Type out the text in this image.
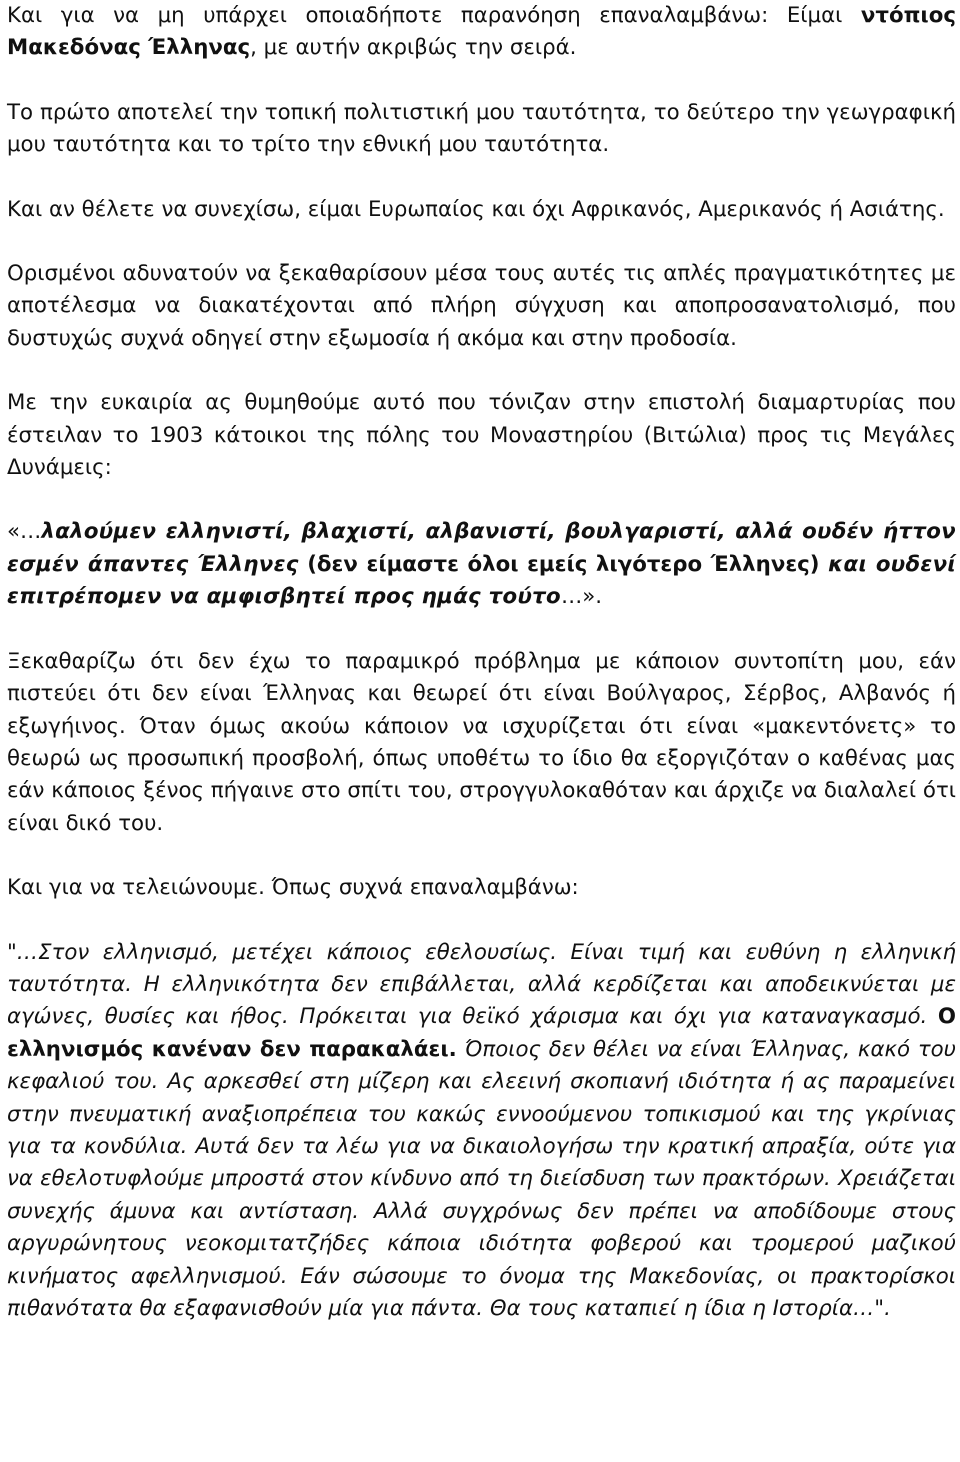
Και για να μη υπάρχει οποιαδήποτε παρανόηση επαναλαμβάνω: Είμαι ντόπιος Μακεδόνας Έλληνας, με αυτήν ακριβώς την σειρά.

Το πρώτο αποτελεί την τοπική πολιτιστική μου ταυτότητα, το δεύτερο την γεωγραφική μου ταυτότητα και το τρίτο την εθνική μου ταυτότητα.

Και αν θέλετε να συνεχίσω, είμαι Ευρωπαίος και όχι Αφρικανός, Αμερικανός ή Ασιάτης.

Ορισμένοι αδυνατούν να ξεκαθαρίσουν μέσα τους αυτές τις απλές πραγματικότητες με αποτέλεσμα να διακατέχονται από πλήρη σύγχυση και αποπροσανατολισμό, που δυστυχώς συχνά οδηγεί στην εξωμοσία ή ακόμα και στην προδοσία.

Με την ευκαιρία ας θυμηθούμε αυτό που τόνιζαν στην επιστολή διαμαρτυρίας που έστειλαν το 1903 κάτοικοι της πόλης του Μοναστηρίου (Βιτώλια) προς τις Μεγάλες Δυνάμεις:

«…λαλούμεν ελληνιστί, βλαχιστί, αλβανιστί, βουλγαριστί, αλλά ουδέν ήττον εσμέν άπαντες Έλληνες (δεν είμαστε όλοι εμείς λιγότερο Έλληνες) και ουδενί επιτρέπομεν να αμφισβητεί προς ημάς τούτο…».

Ξεκαθαρίζω ότι δεν έχω το παραμικρό πρόβλημα με κάποιον συντοπίτη μου, εάν πιστεύει ότι δεν είναι Έλληνας και θεωρεί ότι είναι Βούλγαρος, Σέρβος, Αλβανός ή εξωγήινος. Όταν όμως ακούω κάποιον να ισχυρίζεται ότι είναι «μακεντόνετς» το θεωρώ ως προσωπική προσβολή, όπως υποθέτω το ίδιο θα εξοργιζόταν ο καθένας μας εάν κάποιος ξένος πήγαινε στο σπίτι του, στρογγυλοκαθόταν και άρχιζε να διαλαλεί ότι είναι δικό του.

Και για να τελειώνουμε. Όπως συχνά επαναλαμβάνω:

"…Στον ελληνισμό, μετέχει κάποιος εθελουσίως. Είναι τιμή και ευθύνη η ελληνική ταυτότητα. Η ελληνικότητα δεν επιβάλλεται, αλλά κερδίζεται και αποδεικνύεται με αγώνες, θυσίες και ήθος. Πρόκειται για θεϊκό χάρισμα και όχι για καταναγκασμό. Ο ελληνισμός κανέναν δεν παρακαλάει. Όποιος δεν θέλει να είναι Έλληνας, κακό του κεφαλιού του. Ας αρκεσθεί στη μίζερη και ελεεινή σκοπιανή ιδιότητα ή ας παραμείνει στην πνευματική αναξιοπρέπεια του κακώς εννοούμενου τοπικισμού και της γκρίνιας για τα κονδύλια. Αυτά δεν τα λέω για να δικαιολογήσω την κρατική απραξία, ούτε για να εθελοτυφλούμε μπροστά στον κίνδυνο από τη διείσδυση των πρακτόρων. Χρειάζεται συνεχής άμυνα και αντίσταση. Αλλά συγχρόνως δεν πρέπει να αποδίδουμε στους αργυρώνητους νεοκομιτατζήδες κάποια ιδιότητα φοβερού και τρομερού μαζικού κινήματος αφελληνισμού. Εάν σώσουμε το όνομα της Μακεδονίας, οι πρακτορίσκοι πιθανότατα θα εξαφανισθούν μία για πάντα. Θα τους καταπιεί η ίδια η Ιστορία…".
